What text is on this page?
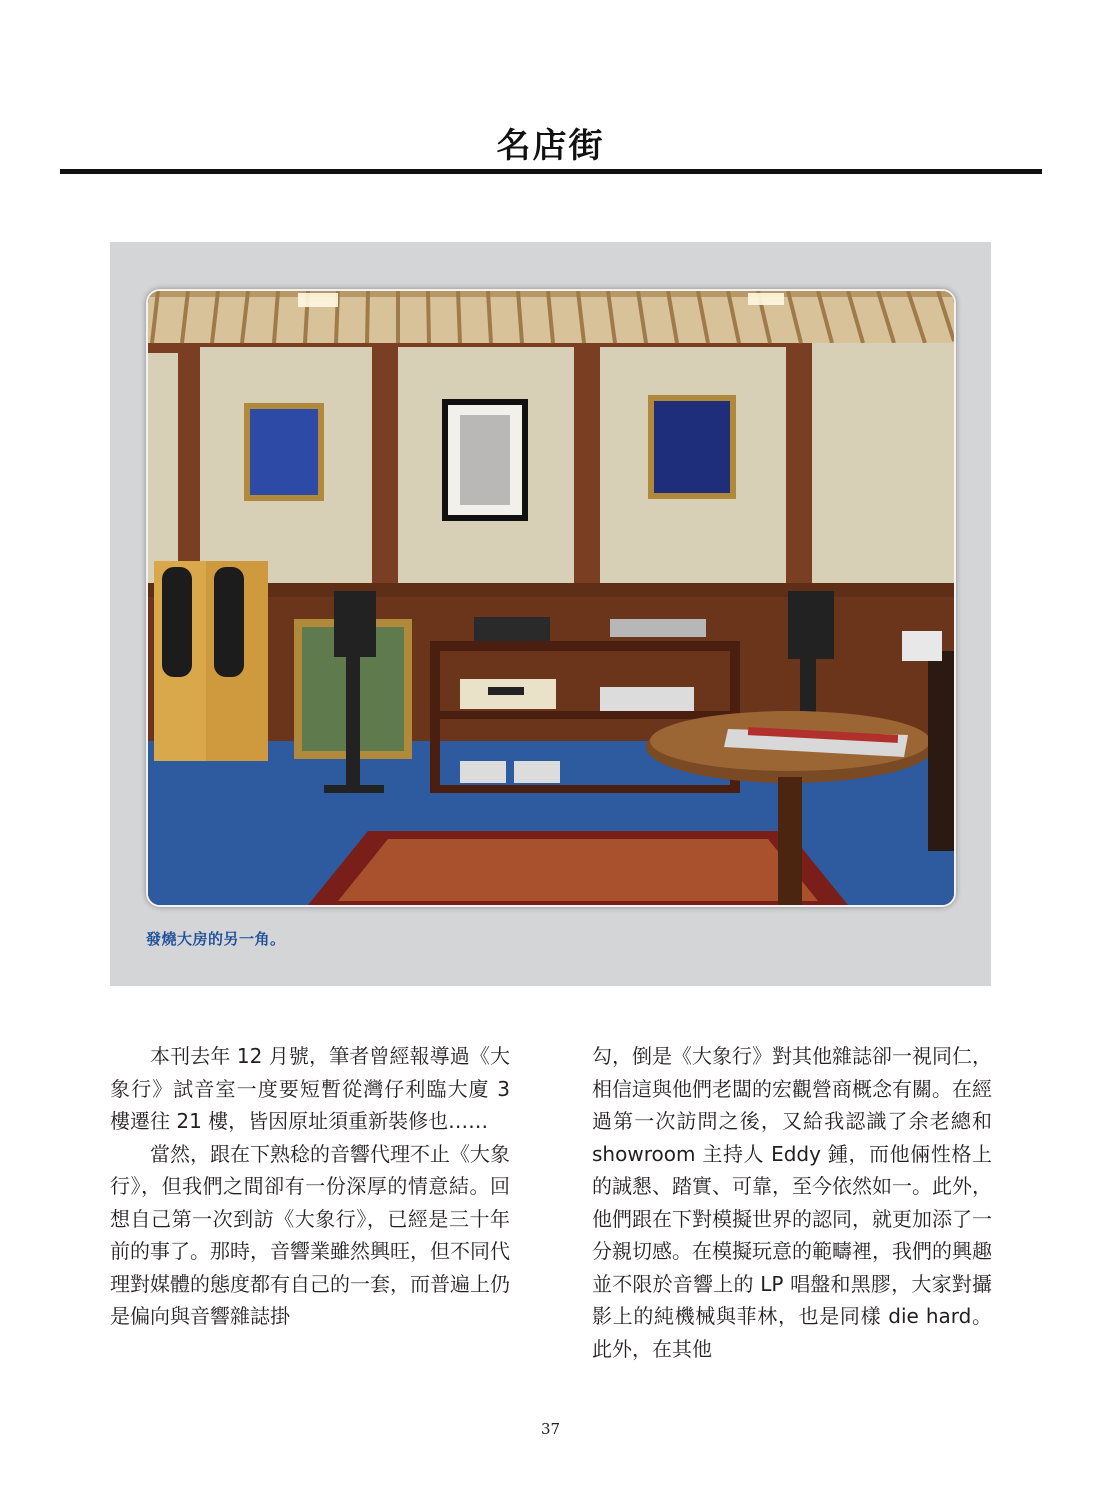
名店街
發燒大房的另一角。

本刊去年 12 月號，筆者曾經報導過《大象行》試音室一度要短暫從灣仔利臨大廈 3 樓遷往 21 樓，皆因原址須重新裝修也……

當然，跟在下熟稔的音響代理不止《大象行》，但我們之間卻有一份深厚的情意結。回想自己第一次到訪《大象行》，已經是三十年前的事了。那時，音響業雖然興旺，但不同代理對媒體的態度都有自己的一套，而普遍上仍是偏向與音響雜誌掛

勾，倒是《大象行》對其他雜誌卻一視同仁，相信這與他們老闆的宏觀營商概念有關。在經過第一次訪問之後，又給我認識了余老總和 showroom 主持人 Eddy 鍾，而他倆性格上的誠懇、踏實、可靠，至今依然如一。此外，他們跟在下對模擬世界的認同，就更加添了一分親切感。在模擬玩意的範疇裡，我們的興趣並不限於音響上的 LP 唱盤和黑膠，大家對攝影上的純機械與菲林，也是同樣 die hard。此外，在其他

37
